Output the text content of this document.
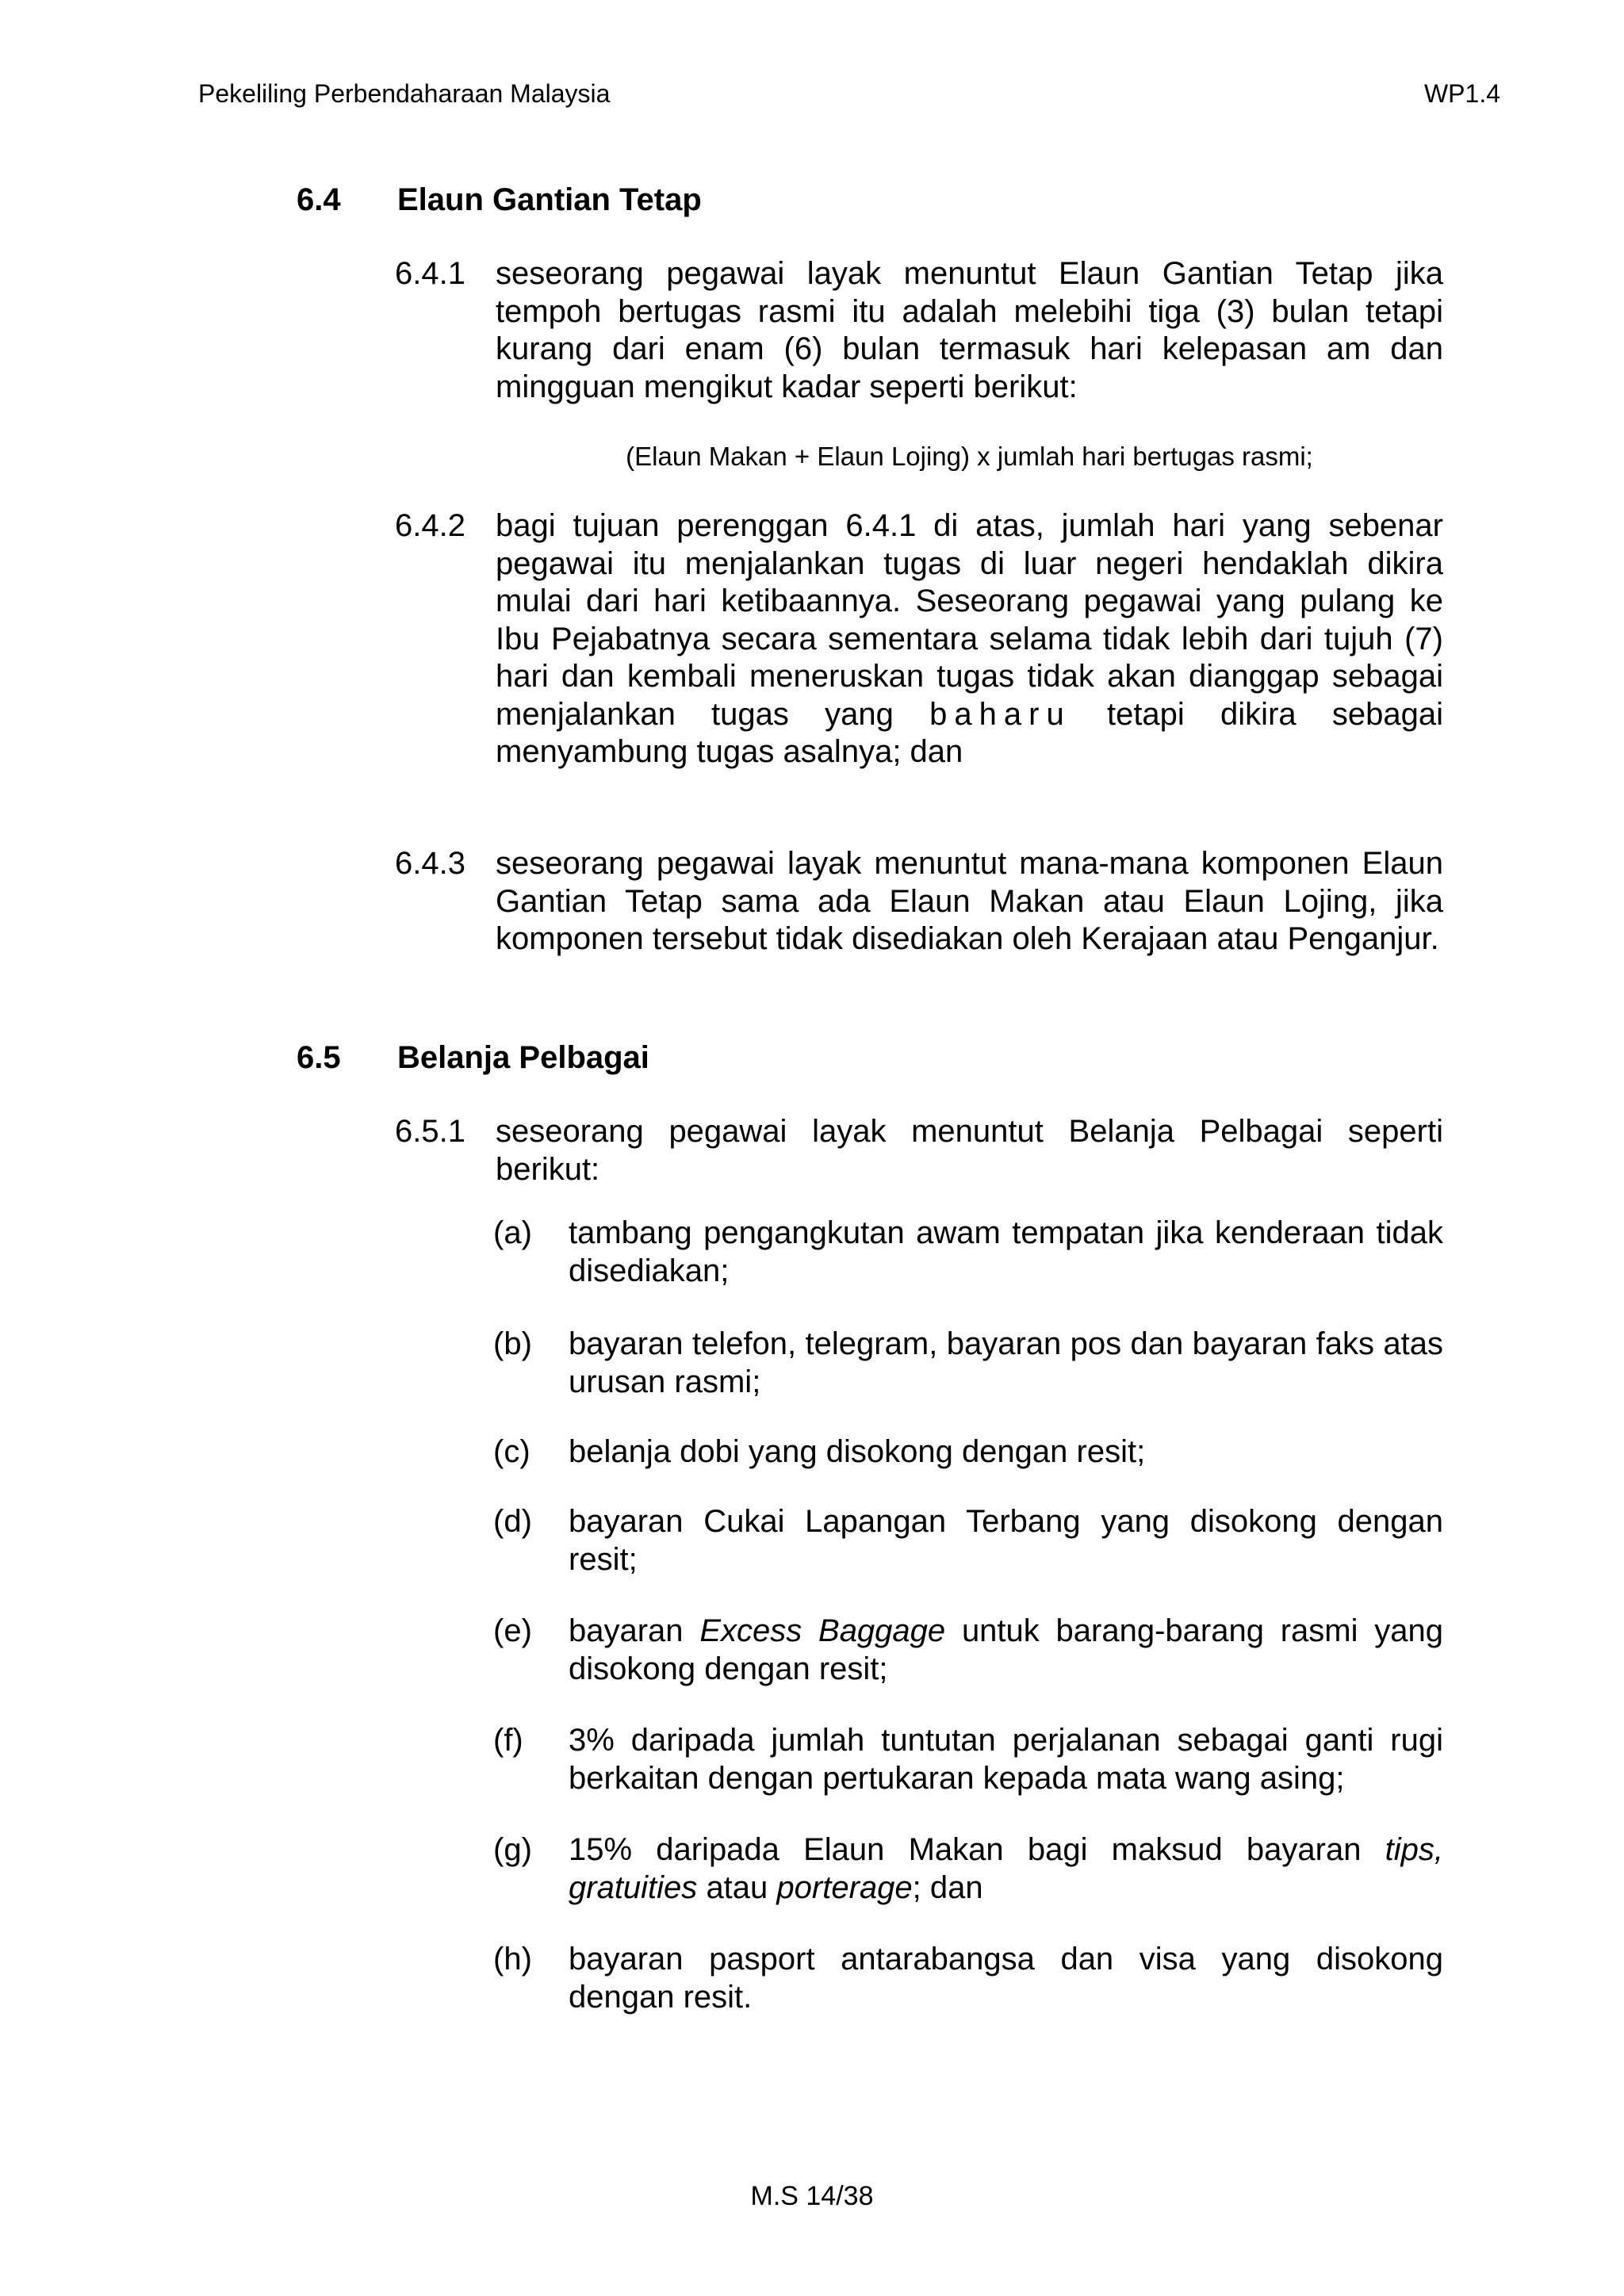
Pekeliling Perbendaharaan Malaysia	WP1.4
6.4 Elaun Gantian Tetap
6.4.1 seseorang pegawai layak menuntut Elaun Gantian Tetap jika tempoh bertugas rasmi itu adalah melebihi tiga (3) bulan tetapi kurang dari enam (6) bulan termasuk hari kelepasan am dan mingguan mengikut kadar seperti berikut:
(Elaun Makan + Elaun Lojing) x jumlah hari bertugas rasmi;
6.4.2 bagi tujuan perenggan 6.4.1 di atas, jumlah hari yang sebenar pegawai itu menjalankan tugas di luar negeri hendaklah dikira mulai dari hari ketibaannya. Seseorang pegawai yang pulang ke Ibu Pejabatnya secara sementara selama tidak lebih dari tujuh (7) hari dan kembali meneruskan tugas tidak akan dianggap sebagai menjalankan tugas yang baharu tetapi dikira sebagai menyambung tugas asalnya; dan
6.4.3 seseorang pegawai layak menuntut mana-mana komponen Elaun Gantian Tetap sama ada Elaun Makan atau Elaun Lojing, jika komponen tersebut tidak disediakan oleh Kerajaan atau Penganjur.
6.5 Belanja Pelbagai
6.5.1 seseorang pegawai layak menuntut Belanja Pelbagai seperti berikut:
(a) tambang pengangkutan awam tempatan jika kenderaan tidak disediakan;
(b) bayaran telefon, telegram, bayaran pos dan bayaran faks atas urusan rasmi;
(c) belanja dobi yang disokong dengan resit;
(d) bayaran Cukai Lapangan Terbang yang disokong dengan resit;
(e) bayaran Excess Baggage untuk barang-barang rasmi yang disokong dengan resit;
(f) 3% daripada jumlah tuntutan perjalanan sebagai ganti rugi berkaitan dengan pertukaran kepada mata wang asing;
(g) 15% daripada Elaun Makan bagi maksud bayaran tips, gratuities atau porterage; dan
(h) bayaran pasport antarabangsa dan visa yang disokong dengan resit.
M.S 14/38
